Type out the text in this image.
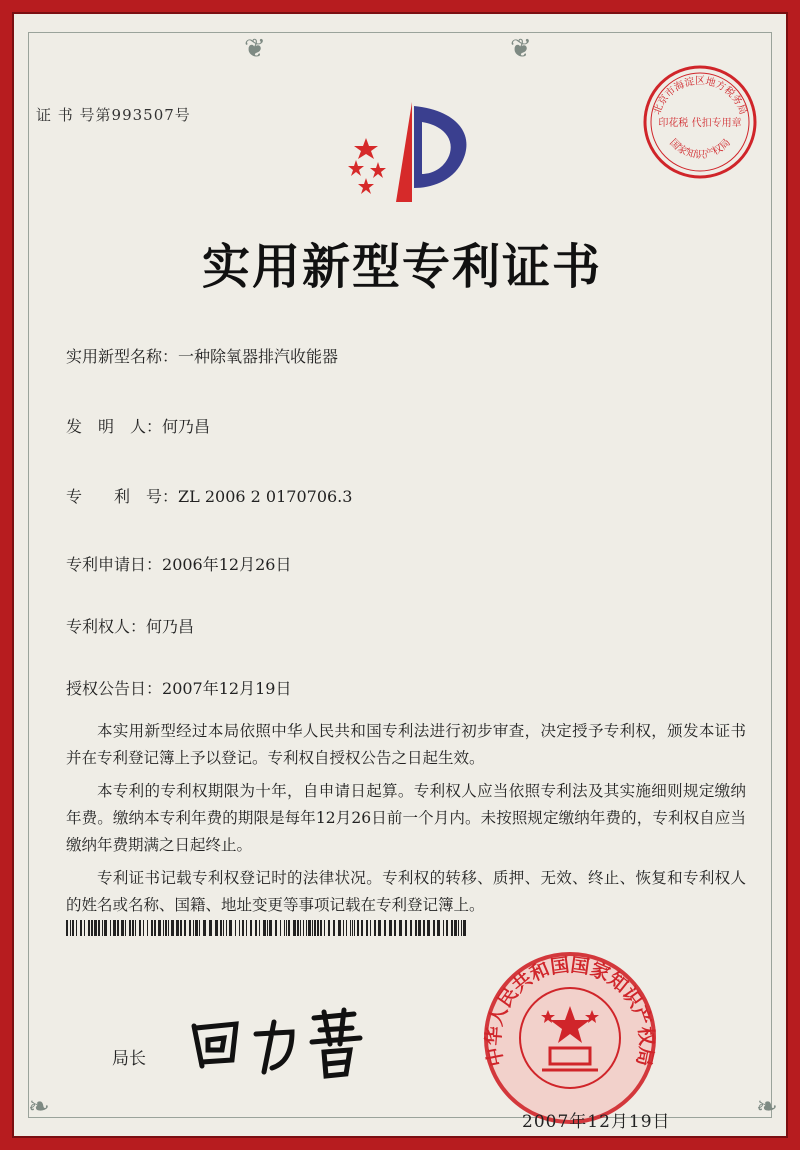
❦	❦
❧	❧
证 书 号第993507号	北京市海淀区地方税务局
国家知识产权局
印花税 代扣专用章
实用新型专利证书
实用新型名称：一种除氧器排汽收能器
发　明　人：何乃昌
专　　利　号：ZL 2006 2 0170706.3
专利申请日：2006年12月26日
专利权人：何乃昌
授权公告日：2007年12月19日

本实用新型经过本局依照中华人民共和国专利法进行初步审查，决定授予专利权，颁发本证书并在专利登记簿上予以登记。专利权自授权公告之日起生效。

本专利的专利权期限为十年，自申请日起算。专利权人应当依照专利法及其实施细则规定缴纳年费。缴纳本专利年费的期限是每年12月26日前一个月内。未按照规定缴纳年费的，专利权自应当缴纳年费期满之日起终止。

专利证书记载专利权登记时的法律状况。专利权的转移、质押、无效、终止、恢复和专利权人的姓名或名称、国籍、地址变更等事项记载在专利登记簿上。

局长	中华人民共和国国家知识产权局
2007年12月19日
